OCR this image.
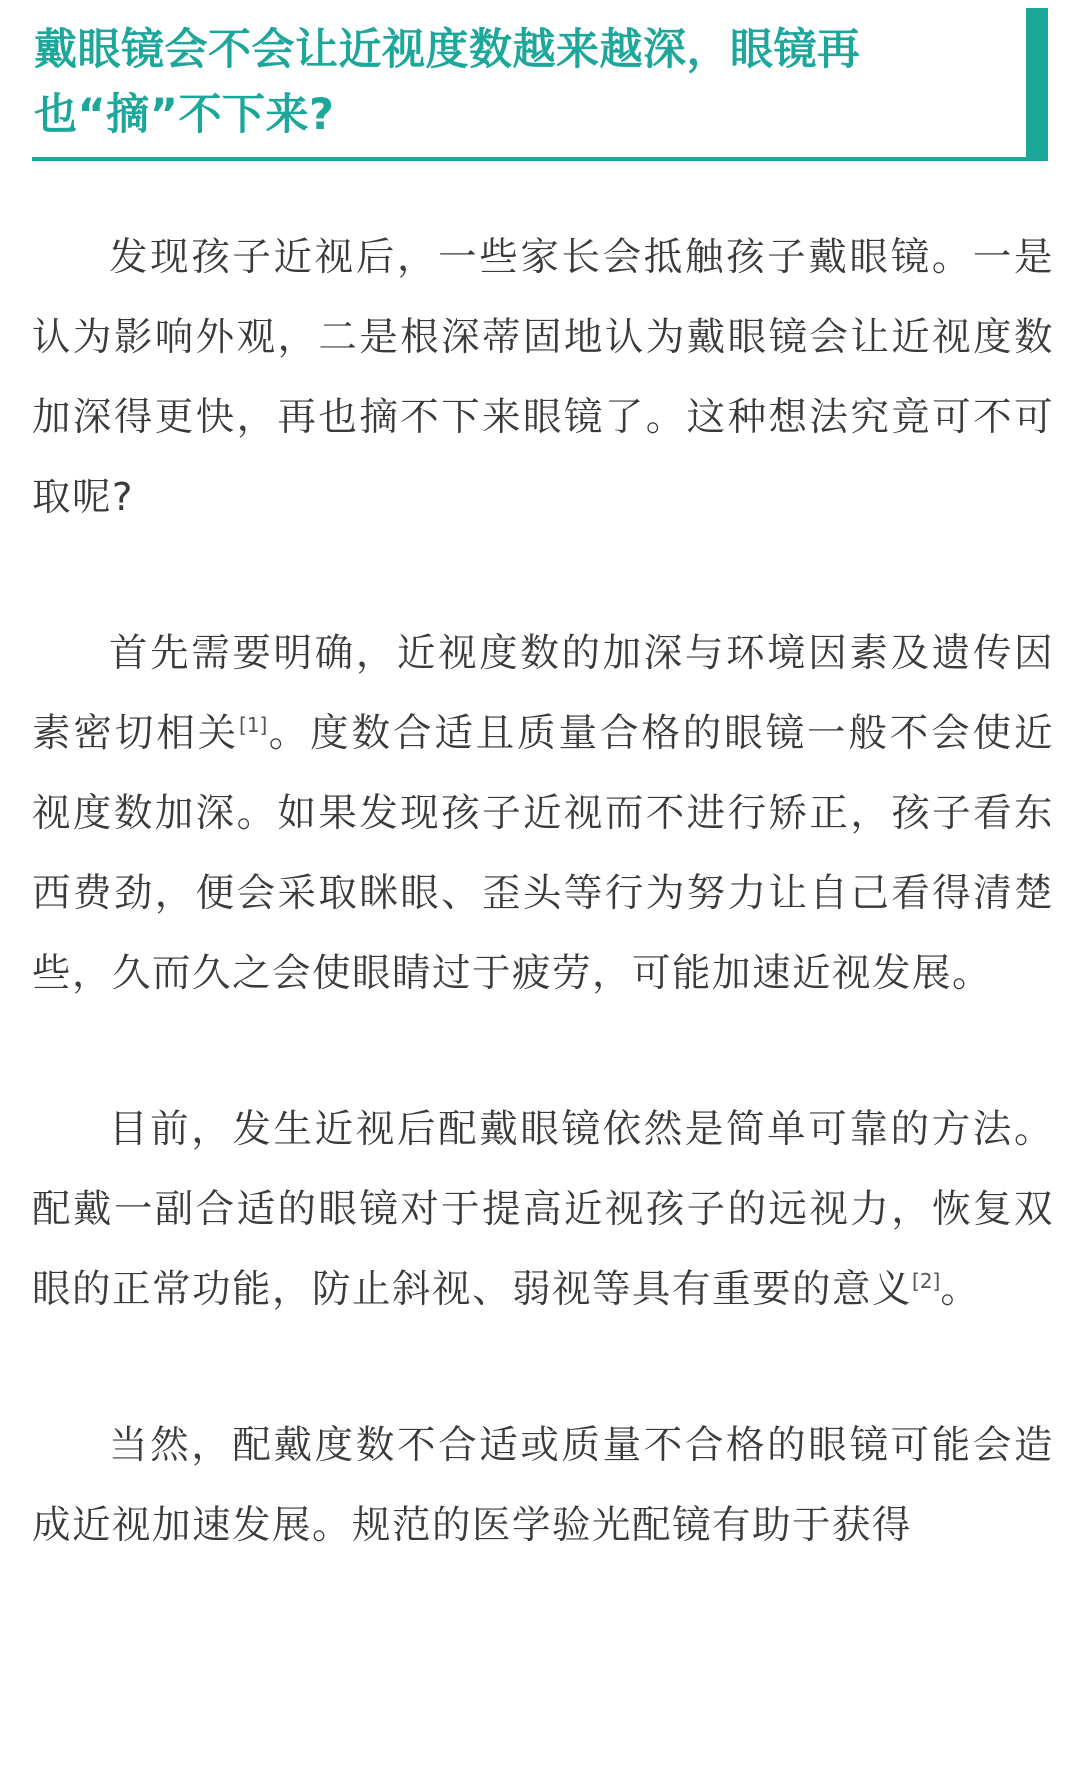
戴眼镜会不会让近视度数越来越深，眼镜再也“摘”不下来?

发现孩子近视后，一些家长会抵触孩子戴眼镜。一是认为影响外观，二是根深蒂固地认为戴眼镜会让近视度数加深得更快，再也摘不下来眼镜了。这种想法究竟可不可取呢?

首先需要明确，近视度数的加深与环境因素及遗传因素密切相关[1]。度数合适且质量合格的眼镜一般不会使近视度数加深。如果发现孩子近视而不进行矫正，孩子看东西费劲，便会采取眯眼、歪头等行为努力让自己看得清楚些，久而久之会使眼睛过于疲劳，可能加速近视发展。

目前，发生近视后配戴眼镜依然是简单可靠的方法。配戴一副合适的眼镜对于提高近视孩子的远视力，恢复双眼的正常功能，防止斜视、弱视等具有重要的意义[2]。

当然，配戴度数不合适或质量不合格的眼镜可能会造成近视加速发展。规范的医学验光配镜有助于获得
